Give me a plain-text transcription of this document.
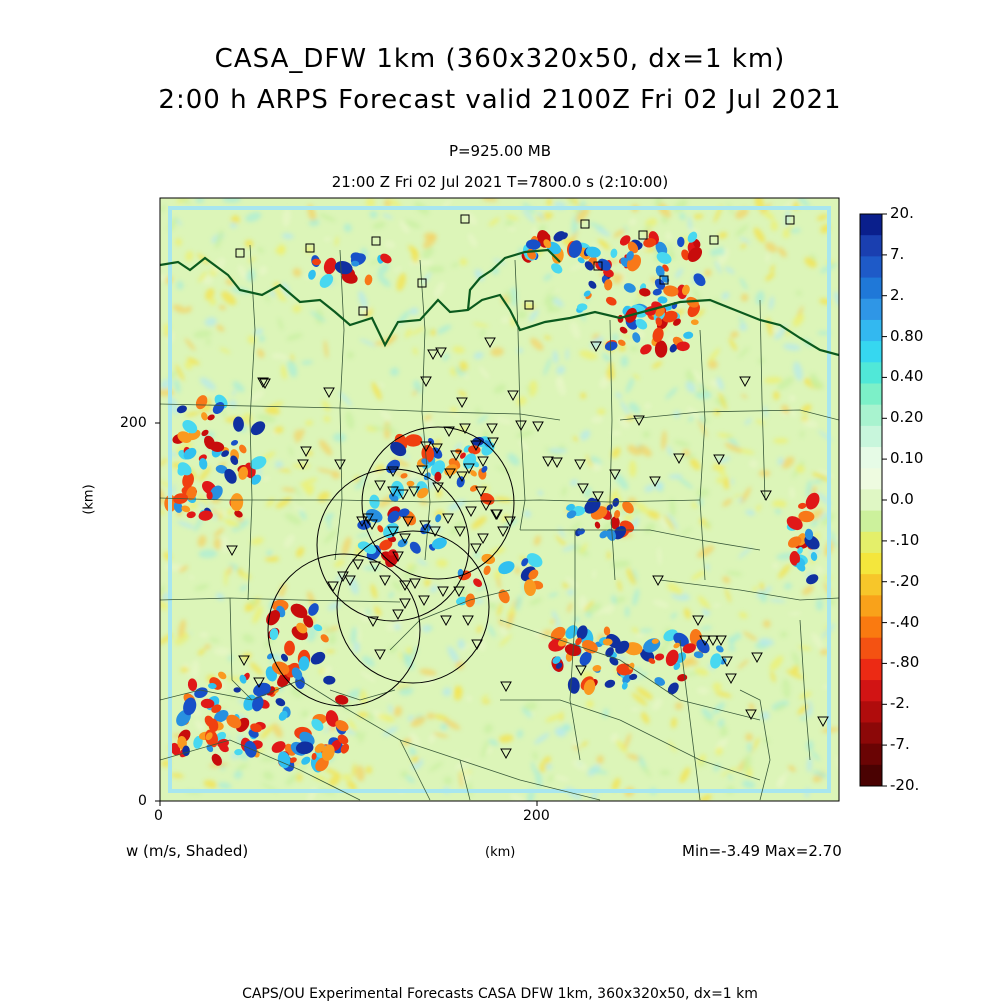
CASA_DFW 1km (360x320x50, dx=1 km)
2:00 h ARPS Forecast valid 2100Z Fri 02 Jul 2021
P=925.00 MB
21:00 Z Fri 02 Jul 2021 T=7800.0 s (2:10:00)
0	200
0
200
(km)
(km)
w (m/s, Shaded)	Min=-3.49 Max=2.70
20.
7.
2.
0.80
0.40
0.20
0.10
0.0
-.10
-.20
-.40
-.80
-2.
-7.
-20.
CAPS/OU Experimental Forecasts CASA DFW 1km, 360x320x50, dx=1 km
